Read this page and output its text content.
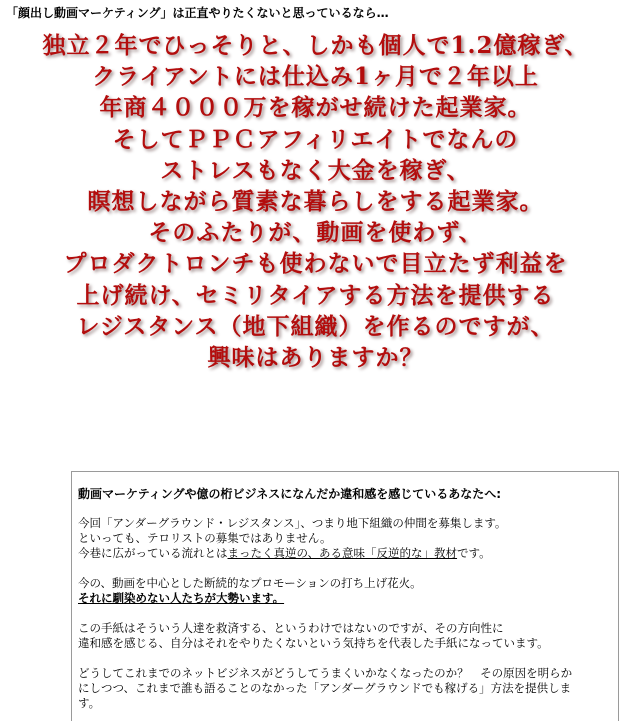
「顔出し動画マーケティング」は正直やりたくないと思っているなら…
独立２年でひっそりと、しかも個人で1.2億稼ぎ、
クライアントには仕込み1ヶ月で２年以上
年商４０００万を稼がせ続けた起業家。
そしてＰＰＣアフィリエイトでなんの
ストレスもなく大金を稼ぎ、
瞑想しながら質素な暮らしをする起業家。
そのふたりが、動画を使わず、
プロダクトロンチも使わないで目立たず利益を
上げ続け、セミリタイアする方法を提供する
レジスタンス（地下組織）を作るのですが、
興味はありますか？
動画マーケティングや億の桁ビジネスになんだか違和感を感じているあなたへ:
今回「アンダーグラウンド・レジスタンス」、つまり地下組織の仲間を募集します。
といっても、テロリストの募集ではありません。
今巷に広がっている流れとはまったく真逆の、ある意味「反逆的な」教材です。
今の、動画を中心とした断続的なプロモーションの打ち上げ花火。
それに馴染めない人たちが大勢います。
この手紙はそういう人達を救済する、というわけではないのですが、その方向性に
違和感を感じる、自分はそれをやりたくないという気持ちを代表した手紙になっています。
どうしてこれまでのネットビジネスがどうしてうまくいかなくなったのか？　その原因を明らか
にしつつ、これまで誰も語ることのなかった「アンダーグラウンドでも稼げる」方法を提供しま
す。
